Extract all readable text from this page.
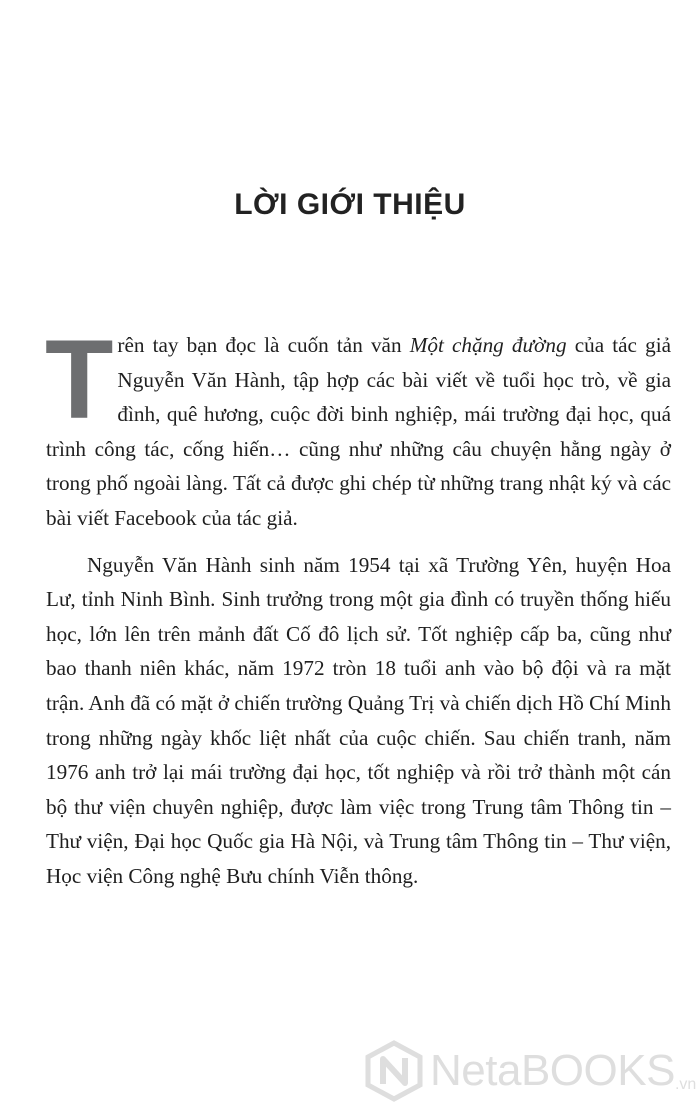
LỜI GIỚI THIỆU

Trên tay bạn đọc là cuốn tản văn Một chặng đường của tác giả Nguyễn Văn Hành, tập hợp các bài viết về tuổi học trò, về gia đình, quê hương, cuộc đời binh nghiệp, mái trường đại học, quá trình công tác, cống hiến… cũng như những câu chuyện hằng ngày ở trong phố ngoài làng. Tất cả được ghi chép từ những trang nhật ký và các bài viết Facebook của tác giả.

Nguyễn Văn Hành sinh năm 1954 tại xã Trường Yên, huyện Hoa Lư, tỉnh Ninh Bình. Sinh trưởng trong một gia đình có truyền thống hiếu học, lớn lên trên mảnh đất Cố đô lịch sử. Tốt nghiệp cấp ba, cũng như bao thanh niên khác, năm 1972 tròn 18 tuổi anh vào bộ đội và ra mặt trận. Anh đã có mặt ở chiến trường Quảng Trị và chiến dịch Hồ Chí Minh trong những ngày khốc liệt nhất của cuộc chiến. Sau chiến tranh, năm 1976 anh trở lại mái trường đại học, tốt nghiệp và rồi trở thành một cán bộ thư viện chuyên nghiệp, được làm việc trong Trung tâm Thông tin – Thư viện, Đại học Quốc gia Hà Nội, và Trung tâm Thông tin – Thư viện, Học viện Công nghệ Bưu chính Viễn thông.

NetaBOOKS .vn
